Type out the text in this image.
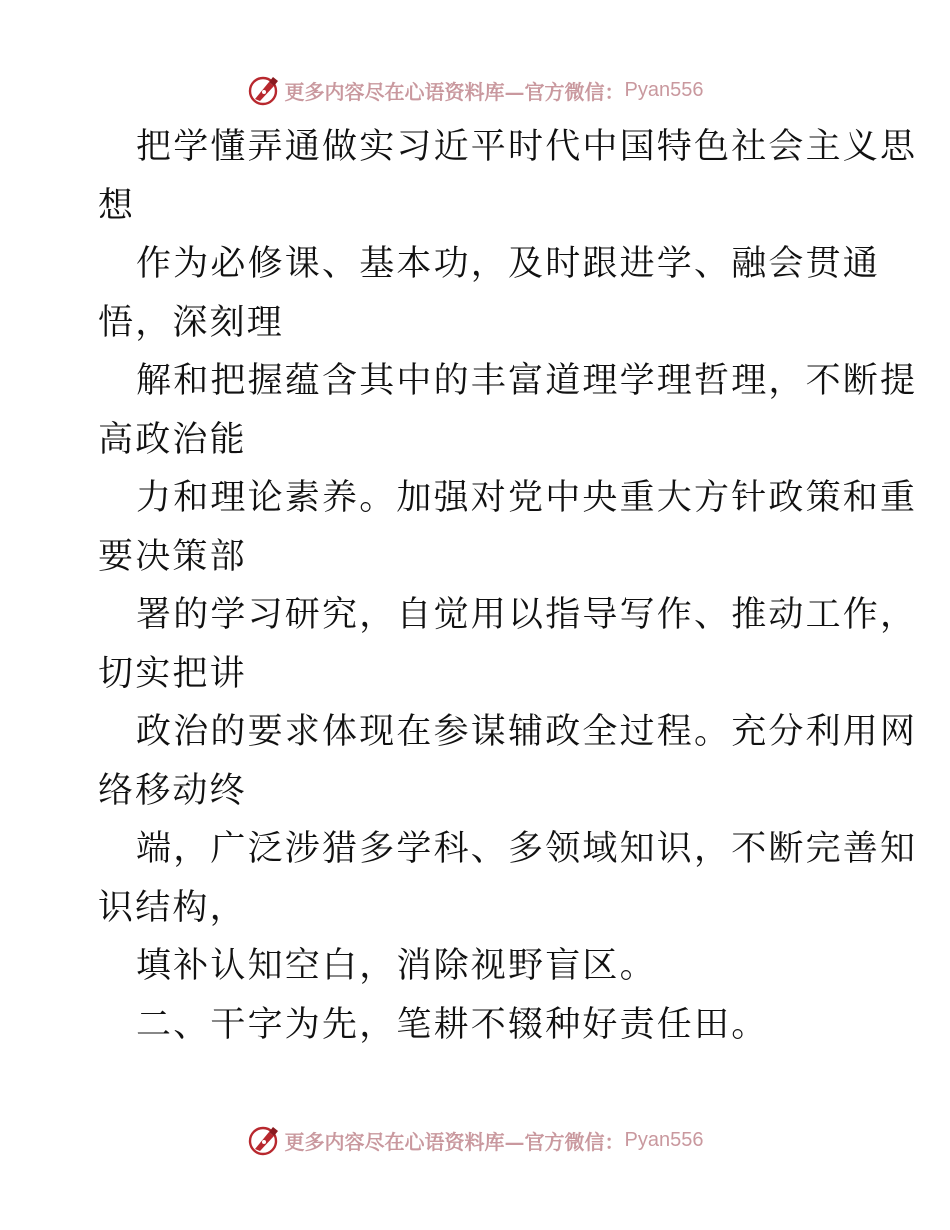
更多内容尽在心语资料库—官方微信： Pyan556
把学懂弄通做实习近平时代中国特色社会主义思
想
作为必修课、基本功，及时跟进学、融会贯通
悟，深刻理
解和把握蕴含其中的丰富道理学理哲理，不断提
高政治能
力和理论素养。加强对党中央重大方针政策和重
要决策部
署的学习研究，自觉用以指导写作、推动工作，
切实把讲
政治的要求体现在参谋辅政全过程。充分利用网
络移动终
端，广泛涉猎多学科、多领域知识，不断完善知
识结构，
填补认知空白，消除视野盲区。
二、干字为先，笔耕不辍种好责任田。
更多内容尽在心语资料库—官方微信： Pyan556
